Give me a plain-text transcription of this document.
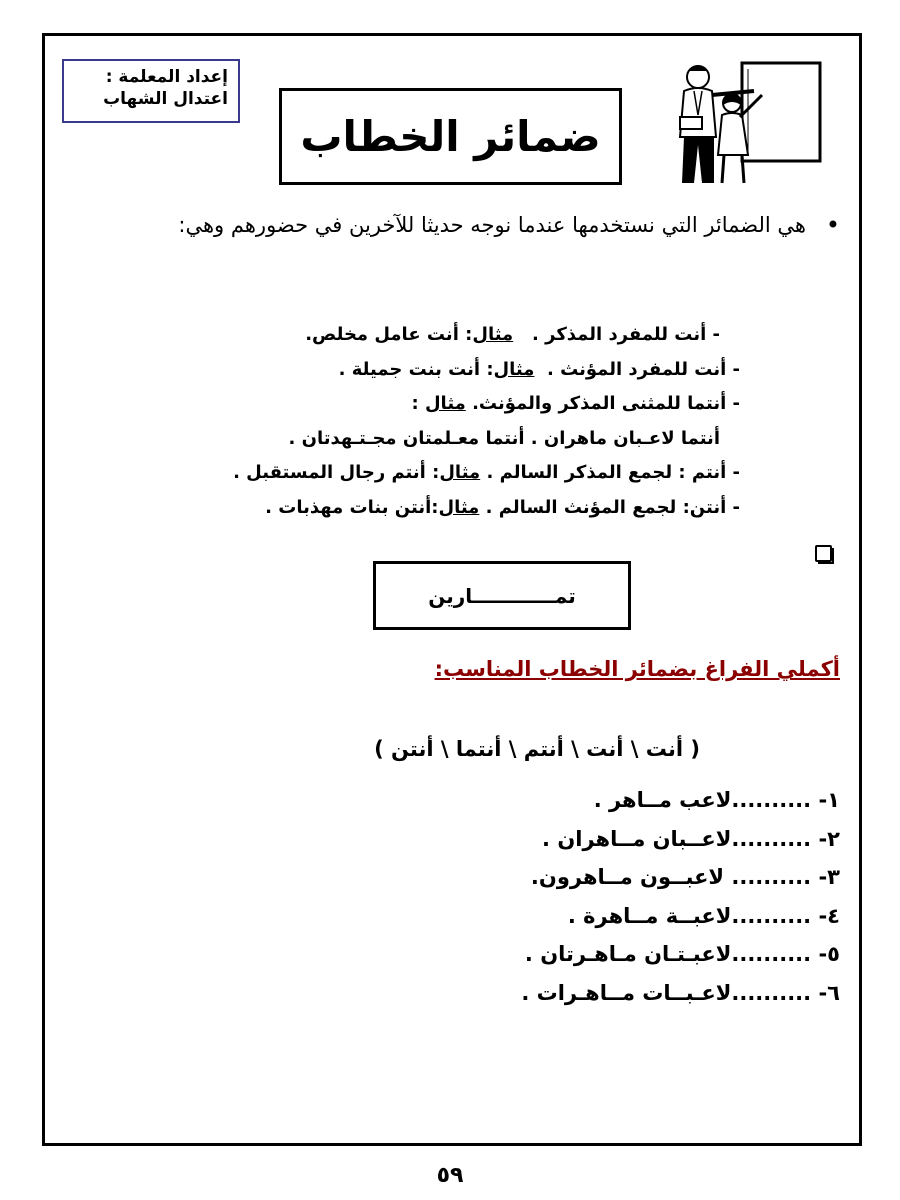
إعداد المعلمة :
اعتدال الشهاب
ضمائر الخطاب
•

هي الضمائر التي نستخدمها عندما نوجه حديثا للآخرين في حضورهم وهي:

- أنت للمفرد المذكر .   مثال: أنت عامل مخلص.
- أنت للمفرد المؤنث .  مثال: أنت بنت جميلة .
- أنتما للمثنى المذكر والمؤنث. مثال :
أنتما لاعـبان ماهران . أنتما معـلمتان مجـتـهدتان .
- أنتم : لجمع المذكر السالم . مثال: أنتم رجال المستقبل .
- أنتن: لجمع المؤنث السالم . مثال:أنتن بنات مهذبات .
تمــــــــــــارين
أكملي الفراغ بضمائر الخطاب المناسب:
( أنت \ أنت \ أنتم \ أنتما \ أنتن )
١- ..........لاعب مــاهر .
٢- ..........لاعــبان مــاهران .
٣- .......... لاعبــون مــاهرون.
٤- ..........لاعبــة مــاهرة .
٥- ..........لاعبـتـان مـاهـرتان .
٦- ..........لاعـبــات مــاهـرات .
٥٩
